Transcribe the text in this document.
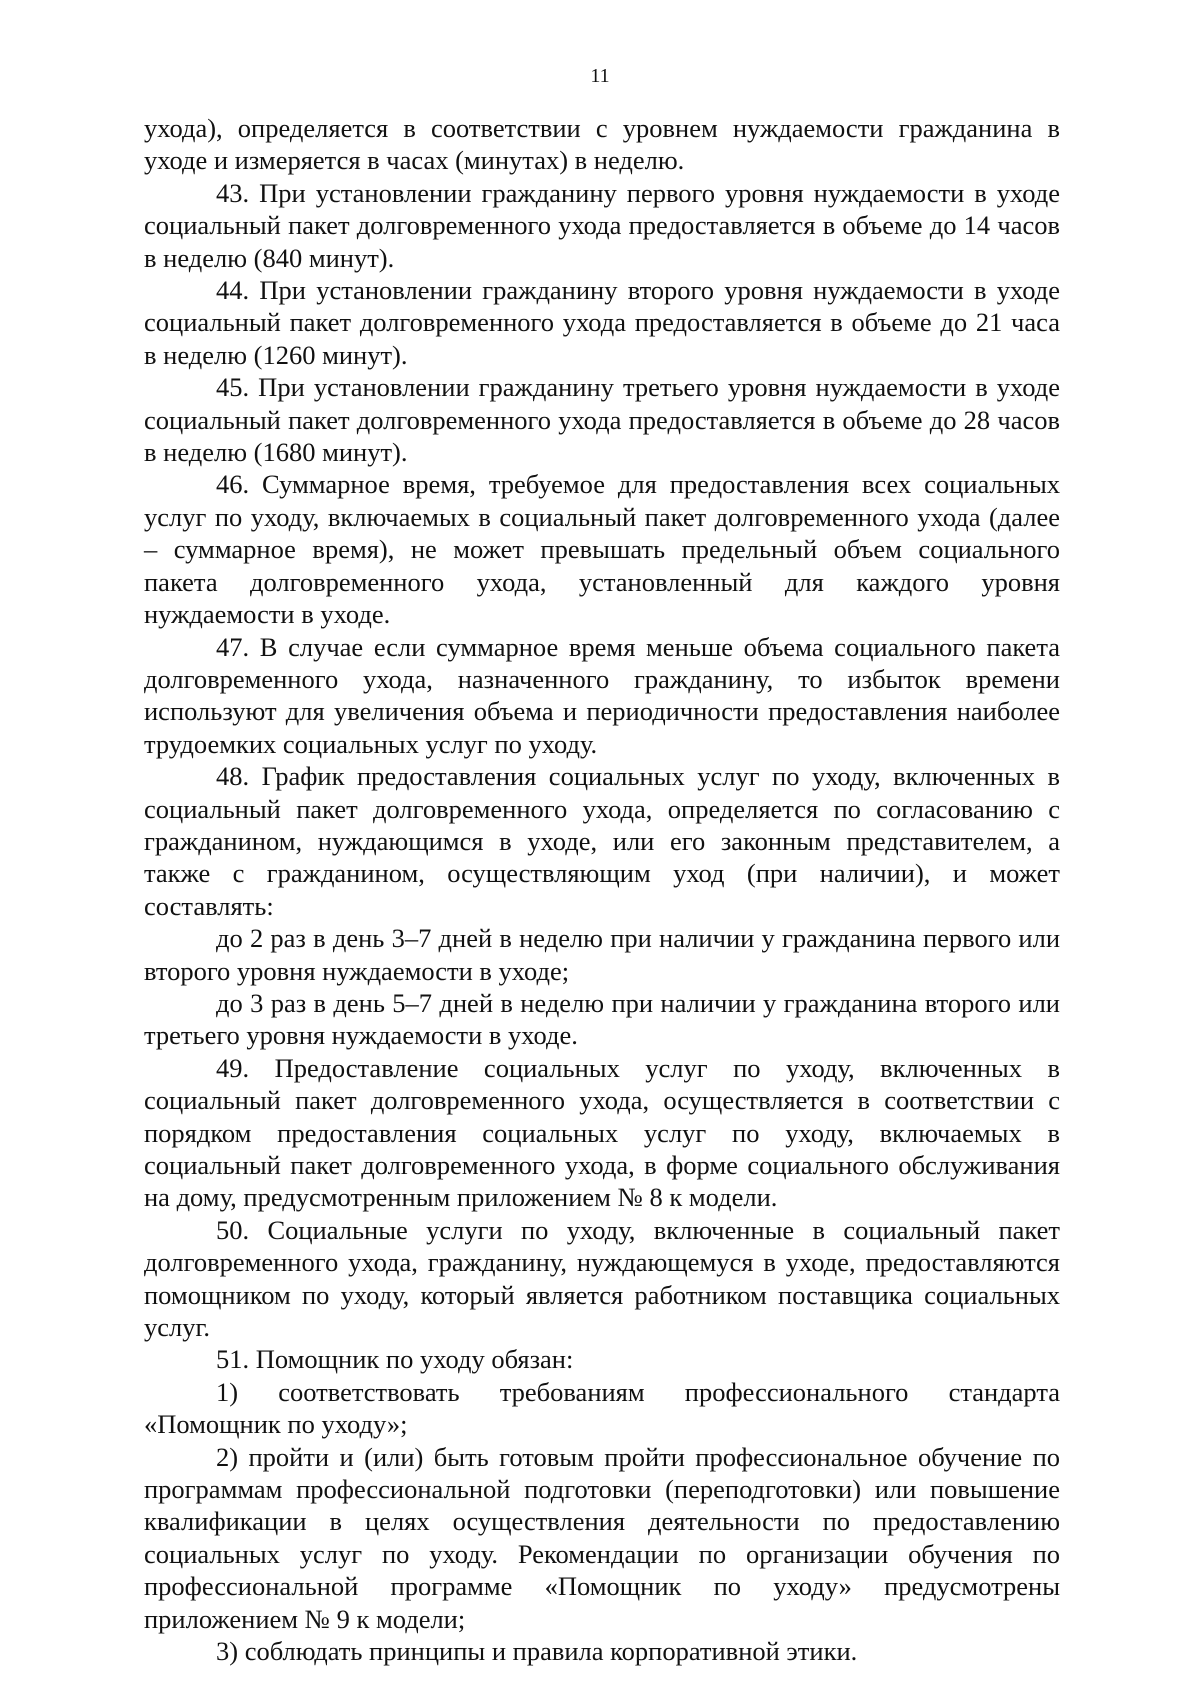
11

ухода), определяется в соответствии с уровнем нуждаемости гражданина в уходе и измеряется в часах (минутах) в неделю.

43. При установлении гражданину первого уровня нуждаемости в уходе социальный пакет долговременного ухода предоставляется в объеме до 14 часов в неделю (840 минут).

44. При установлении гражданину второго уровня нуждаемости в уходе социальный пакет долговременного ухода предоставляется в объеме до 21 часа в неделю (1260 минут).

45. При установлении гражданину третьего уровня нуждаемости в уходе социальный пакет долговременного ухода предоставляется в объеме до 28 часов в неделю (1680 минут).

46. Суммарное время, требуемое для предоставления всех социальных услуг по уходу, включаемых в социальный пакет долговременного ухода (далее – суммарное время), не может превышать предельный объем социального пакета долговременного ухода, установленный для каждого уровня нуждаемости в уходе.

47. В случае если суммарное время меньше объема социального пакета долговременного ухода, назначенного гражданину, то избыток времени используют для увеличения объема и периодичности предоставления наиболее трудоемких социальных услуг по уходу.

48. График предоставления социальных услуг по уходу, включенных в социальный пакет долговременного ухода, определяется по согласованию с гражданином, нуждающимся в уходе, или его законным представителем, а также с гражданином, осуществляющим уход (при наличии), и может составлять:

до 2 раз в день 3–7 дней в неделю при наличии у гражданина первого или второго уровня нуждаемости в уходе;

до 3 раз в день 5–7 дней в неделю при наличии у гражданина второго или третьего уровня нуждаемости в уходе.

49. Предоставление социальных услуг по уходу, включенных в социальный пакет долговременного ухода, осуществляется в соответствии с порядком предоставления социальных услуг по уходу, включаемых в социальный пакет долговременного ухода, в форме социального обслуживания на дому, предусмотренным приложением № 8 к модели.

50. Социальные услуги по уходу, включенные в социальный пакет долговременного ухода, гражданину, нуждающемуся в уходе, предоставляются помощником по уходу, который является работником поставщика социальных услуг.

51. Помощник по уходу обязан:

1) соответствовать требованиям профессионального стандарта «Помощник по уходу»;

2) пройти и (или) быть готовым пройти профессиональное обучение по программам профессиональной подготовки (переподготовки) или повышение квалификации в целях осуществления деятельности по предоставлению социальных услуг по уходу. Рекомендации по организации обучения по профессиональной программе «Помощник по уходу» предусмотрены приложением № 9 к модели;

3) соблюдать принципы и правила корпоративной этики.
